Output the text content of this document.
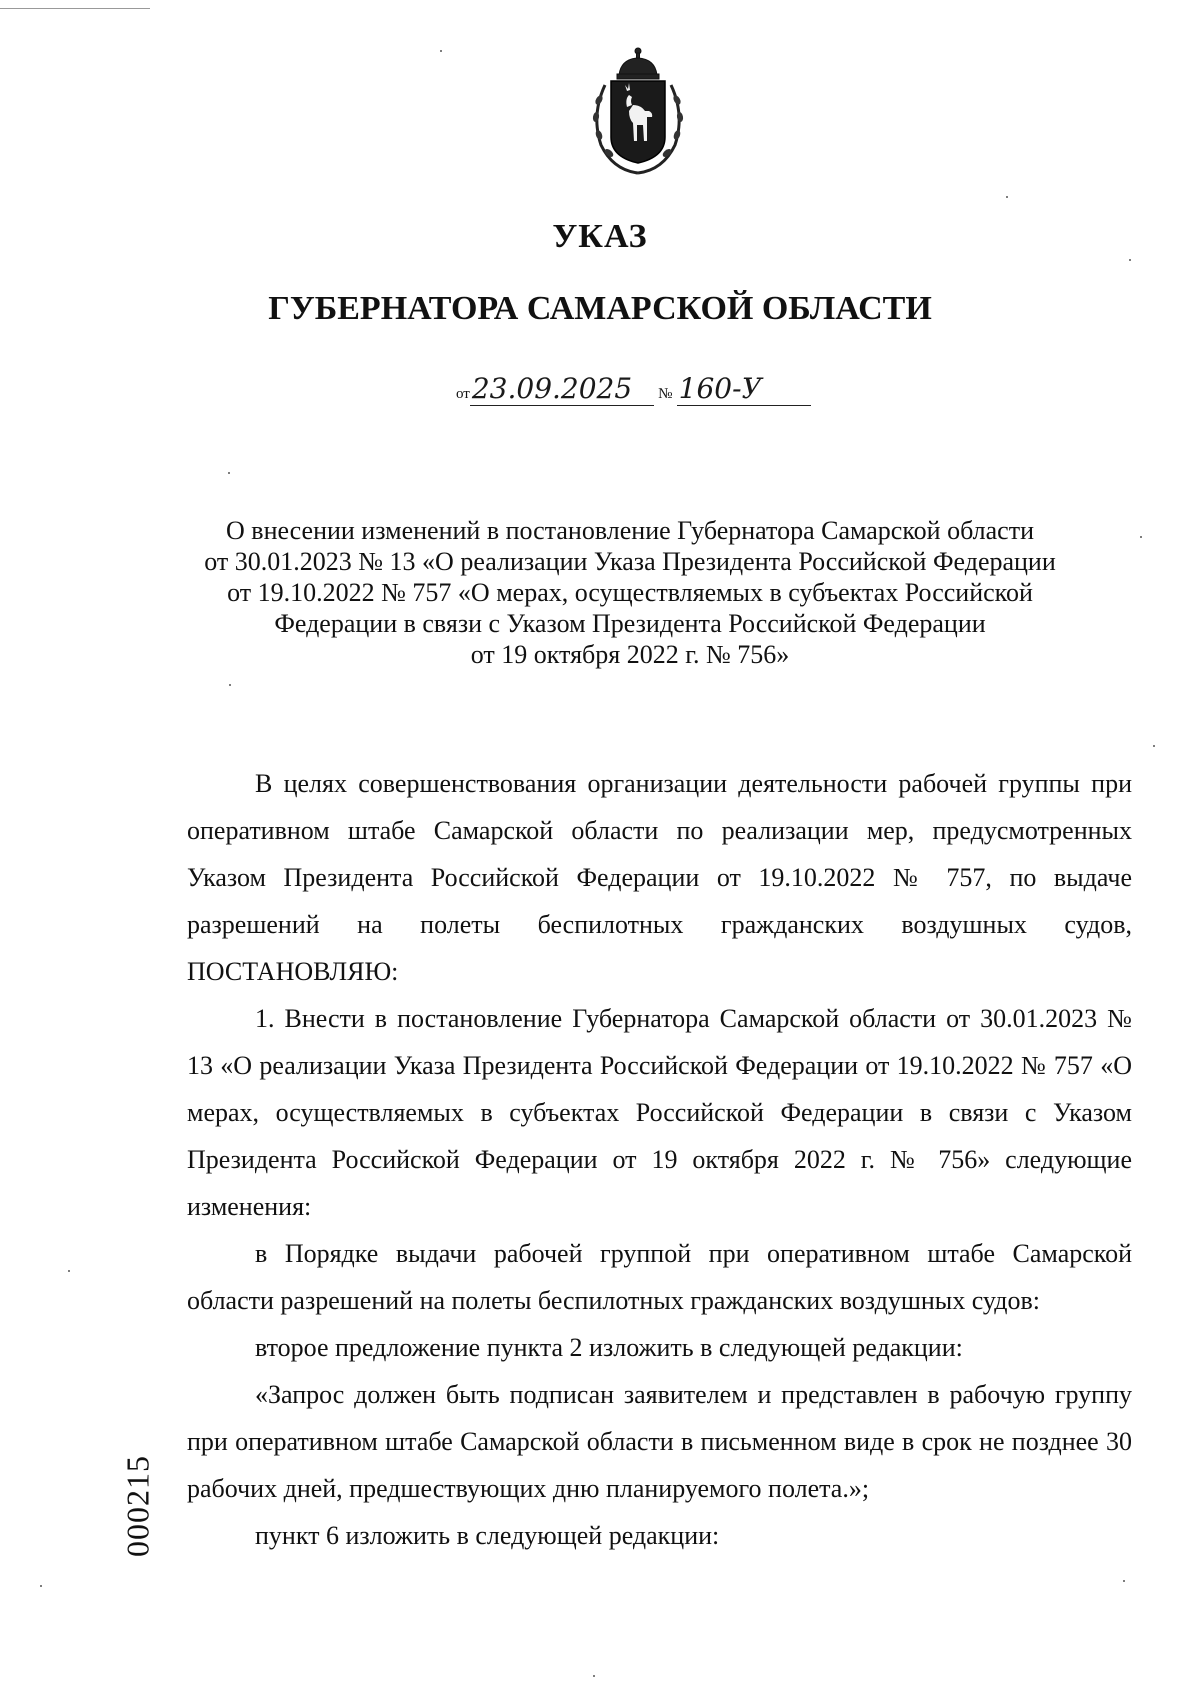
УКАЗ
ГУБЕРНАТОРА САМАРСКОЙ ОБЛАСТИ
от23.09.2025 № 160-У
О внесении изменений в постановление Губернатора Самарской области
от 30.01.2023 № 13 «О реализации Указа Президента Российской Федерации
от 19.10.2022 № 757 «О мерах, осуществляемых в субъектах Российской
Федерации в связи с Указом Президента Российской Федерации
от 19 октября 2022 г. № 756»

В целях совершенствования организации деятельности рабочей группы при оперативном штабе Самарской области по реализации мер, предусмотренных Указом Президента Российской Федерации от 19.10.2022 № 757, по выдаче разрешений на полеты беспилотных гражданских воздушных судов, ПОСТАНОВЛЯЮ:

1. Внести в постановление Губернатора Самарской области от 30.01.2023 № 13 «О реализации Указа Президента Российской Федерации от 19.10.2022 № 757 «О мерах, осуществляемых в субъектах Российской Федерации в связи с Указом Президента Российской Федерации от 19 октября 2022 г. № 756» следующие изменения:

в Порядке выдачи рабочей группой при оперативном штабе Самарской области разрешений на полеты беспилотных гражданских воздушных судов:

второе предложение пункта 2 изложить в следующей редакции:

«Запрос должен быть подписан заявителем и представлен в рабочую группу при оперативном штабе Самарской области в письменном виде в срок не позднее 30 рабочих дней, предшествующих дню планируемого полета.»;

пункт 6 изложить в следующей редакции:

000215
